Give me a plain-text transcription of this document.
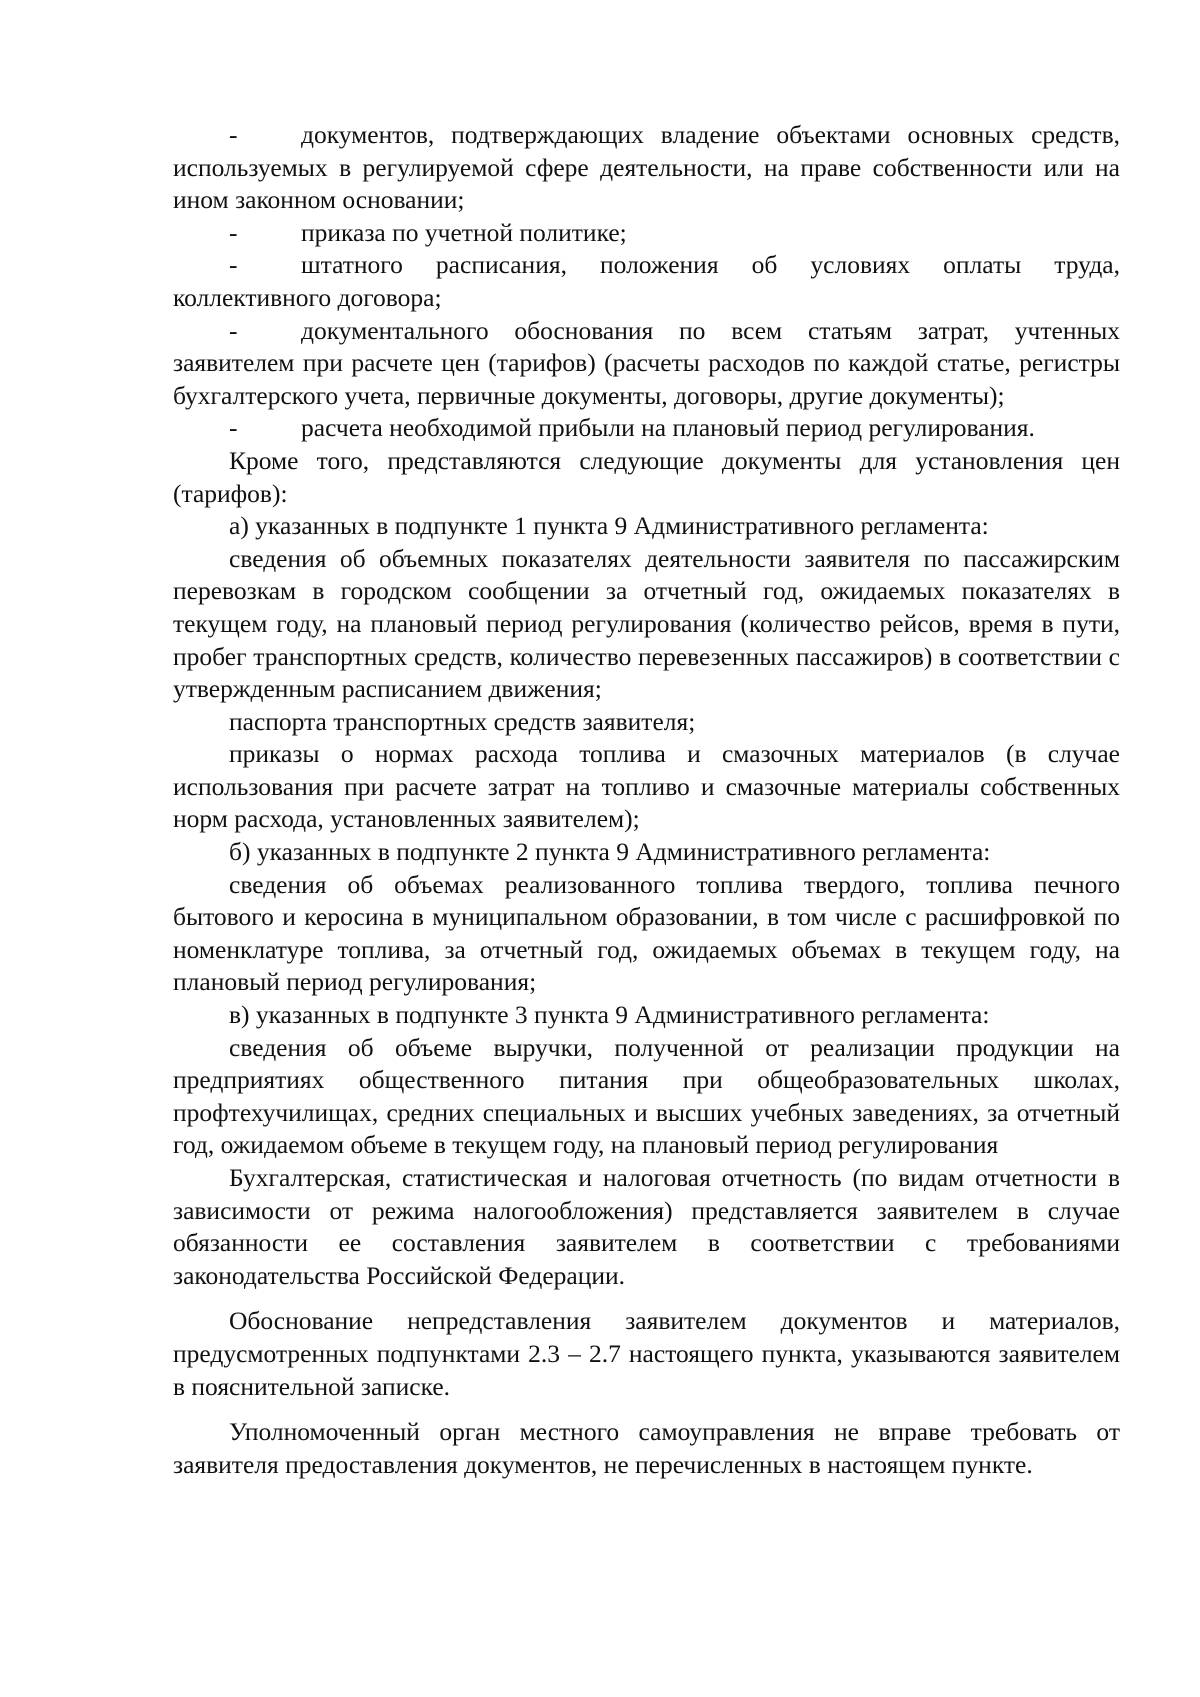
- документов, подтверждающих владение объектами основных средств, используемых в регулируемой сфере деятельности, на праве собственности или на ином законном основании;

- приказа по учетной политике;

- штатного расписания, положения об условиях оплаты труда, коллективного договора;

- документального обоснования по всем статьям затрат, учтенных заявителем при расчете цен (тарифов) (расчеты расходов по каждой статье, регистры бухгалтерского учета, первичные документы, договоры, другие документы);

- расчета необходимой прибыли на плановый период регулирования.

Кроме того, представляются следующие документы для установления цен (тарифов):

а) указанных в подпункте 1 пункта 9 Административного регламента:

сведения об объемных показателях деятельности заявителя по пассажирским перевозкам в городском сообщении за отчетный год, ожидаемых показателях в текущем году, на плановый период регулирования (количество рейсов, время в пути, пробег транспортных средств, количество перевезенных пассажиров) в соответствии с утвержденным расписанием движения;

паспорта транспортных средств заявителя;

приказы о нормах расхода топлива и смазочных материалов (в случае использования при расчете затрат на топливо и смазочные материалы собственных норм расхода, установленных заявителем);

б) указанных в подпункте 2 пункта 9 Административного регламента:

сведения об объемах реализованного топлива твердого, топлива печного бытового и керосина в муниципальном образовании, в том числе с расшифровкой по номенклатуре топлива, за отчетный год, ожидаемых объемах в текущем году, на плановый период регулирования;

в) указанных в подпункте 3 пункта 9 Административного регламента:

сведения об объеме выручки, полученной от реализации продукции на предприятиях общественного питания при общеобразовательных школах, профтехучилищах, средних специальных и высших учебных заведениях, за отчетный год, ожидаемом объеме в текущем году, на плановый период регулирования

Бухгалтерская, статистическая и налоговая отчетность (по видам отчетности в зависимости от режима налогообложения) представляется заявителем в случае обязанности ее составления заявителем в соответствии с требованиями законодательства Российской Федерации.

Обоснование непредставления заявителем документов и материалов, предусмотренных подпунктами 2.3 – 2.7 настоящего пункта, указываются заявителем в пояснительной записке.

Уполномоченный орган местного самоуправления не вправе требовать от заявителя предоставления документов, не перечисленных в настоящем пункте.
